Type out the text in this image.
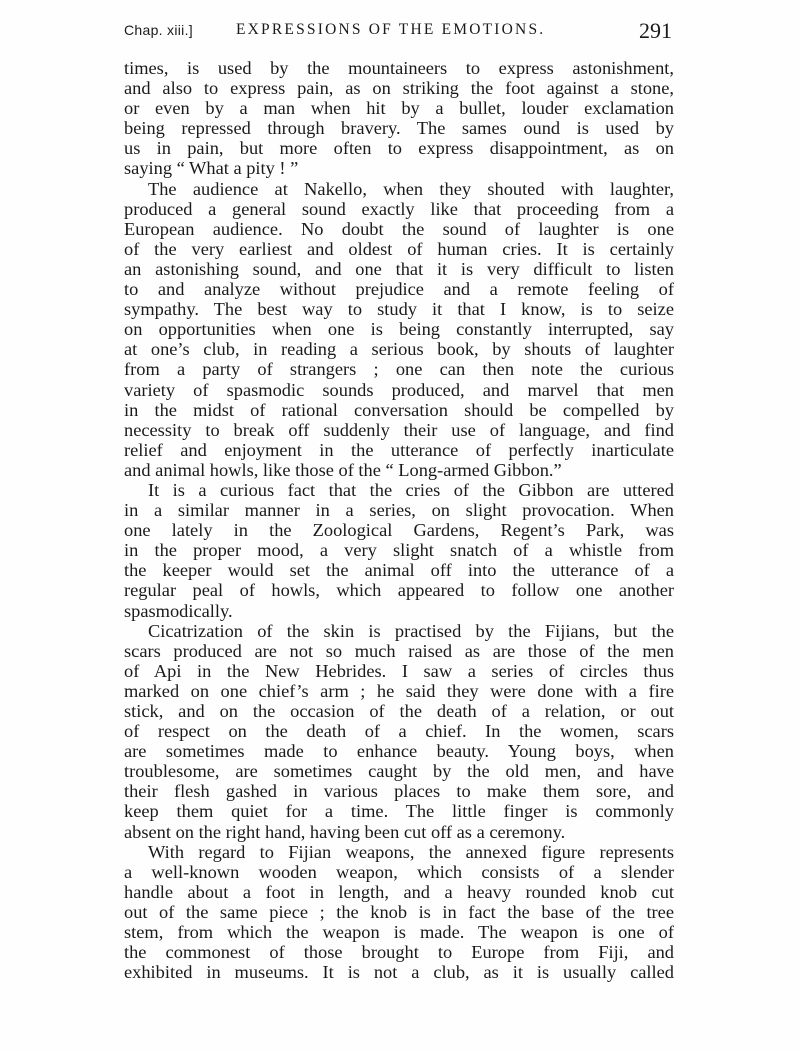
Chap. xiii.]	EXPRESSIONS OF THE EMOTIONS.	291
times, is used by the mountaineers to express astonishment,
and also to express pain, as on striking the foot against a stone,
or even by a man when hit by a bullet, louder exclamation
being repressed through bravery. The sames ound is used by
us in pain, but more often to express disappointment, as on
saying “ What a pity ! ”
The audience at Nakello, when they shouted with laughter,
produced a general sound exactly like that proceeding from a
European audience. No doubt the sound of laughter is one
of the very earliest and oldest of human cries. It is certainly
an astonishing sound, and one that it is very difficult to listen
to and analyze without prejudice and a remote feeling of
sympathy. The best way to study it that I know, is to seize
on opportunities when one is being constantly interrupted, say
at one’s club, in reading a serious book, by shouts of laughter
from a party of strangers ; one can then note the curious
variety of spasmodic sounds produced, and marvel that men
in the midst of rational conversation should be compelled by
necessity to break off suddenly their use of language, and find
relief and enjoyment in the utterance of perfectly inarticulate
and animal howls, like those of the “ Long-armed Gibbon.”
It is a curious fact that the cries of the Gibbon are uttered
in a similar manner in a series, on slight provocation. When
one lately in the Zoological Gardens, Regent’s Park, was
in the proper mood, a very slight snatch of a whistle from
the keeper would set the animal off into the utterance of a
regular peal of howls, which appeared to follow one another
spasmodically.
Cicatrization of the skin is practised by the Fijians, but the
scars produced are not so much raised as are those of the men
of Api in the New Hebrides. I saw a series of circles thus
marked on one chief’s arm ; he said they were done with a fire
stick, and on the occasion of the death of a relation, or out
of respect on the death of a chief. In the women, scars
are sometimes made to enhance beauty. Young boys, when
troublesome, are sometimes caught by the old men, and have
their flesh gashed in various places to make them sore, and
keep them quiet for a time. The little finger is commonly
absent on the right hand, having been cut off as a ceremony.
With regard to Fijian weapons, the annexed figure represents
a well-known wooden weapon, which consists of a slender
handle about a foot in length, and a heavy rounded knob cut
out of the same piece ; the knob is in fact the base of the tree
stem, from which the weapon is made. The weapon is one of
the commonest of those brought to Europe from Fiji, and
exhibited in museums. It is not a club, as it is usually called
